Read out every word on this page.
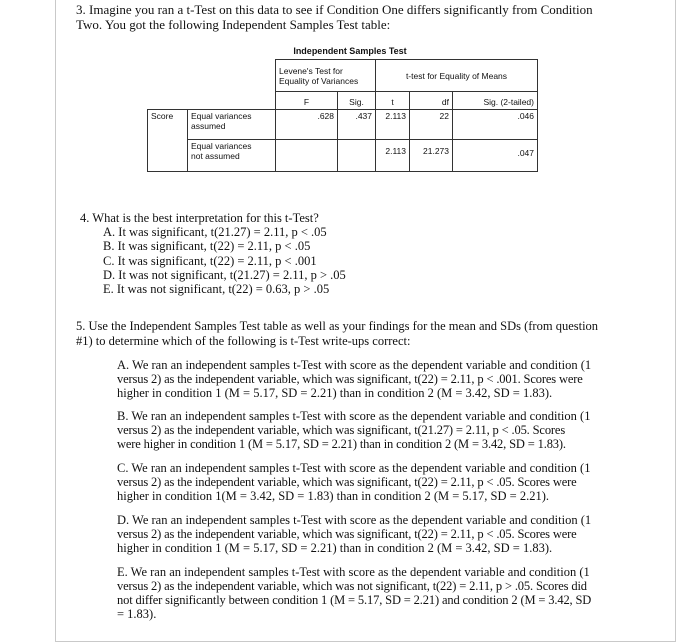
3. Imagine you ran a t-Test on this data to see if Condition One differs significantly from Condition
Two. You got the following Independent Samples Test table:
Independent Samples Test

		Levene's Test for
Equality of Variances		t-test for Equality of Means		
		F	Sig.	t	df	Sig. (2-tailed)
Score	Equal variances
assumed	.628	.437	2.113	22	.046

	Equal variances
not assumed			2.113	21.273	.047
4. What is the best interpretation for this t-Test?
A. It was significant, t(21.27) = 2.11, p < .05
B. It was significant, t(22) = 2.11, p < .05
C. It was significant, t(22) = 2.11, p < .001
D. It was not significant, t(21.27) = 2.11, p > .05
E. It was not significant, t(22) = 0.63, p > .05
5. Use the Independent Samples Test table as well as your findings for the mean and SDs (from question
#1) to determine which of the following is t-Test write-ups correct:
A. We ran an independent samples t-Test with score as the dependent variable and condition (1
versus 2) as the independent variable, which was significant, t(22) = 2.11, p < .001. Scores were
higher in condition 1 (M = 5.17, SD = 2.21) than in condition 2 (M = 3.42, SD = 1.83).
B. We ran an independent samples t-Test with score as the dependent variable and condition (1
versus 2) as the independent variable, which was significant, t(21.27) = 2.11, p < .05. Scores
were higher in condition 1 (M = 5.17, SD = 2.21) than in condition 2 (M = 3.42, SD = 1.83).
C. We ran an independent samples t-Test with score as the dependent variable and condition (1
versus 2) as the independent variable, which was significant, t(22) = 2.11, p < .05. Scores were
higher in condition 1(M = 3.42, SD = 1.83) than in condition 2 (M = 5.17, SD = 2.21).
D. We ran an independent samples t-Test with score as the dependent variable and condition (1
versus 2) as the independent variable, which was significant, t(22) = 2.11, p < .05. Scores were
higher in condition 1 (M = 5.17, SD = 2.21) than in condition 2 (M = 3.42, SD = 1.83).
E. We ran an independent samples t-Test with score as the dependent variable and condition (1
versus 2) as the independent variable, which was not significant, t(22) = 2.11, p > .05. Scores did
not differ significantly between condition 1 (M = 5.17, SD = 2.21) and condition 2 (M = 3.42, SD
= 1.83).
